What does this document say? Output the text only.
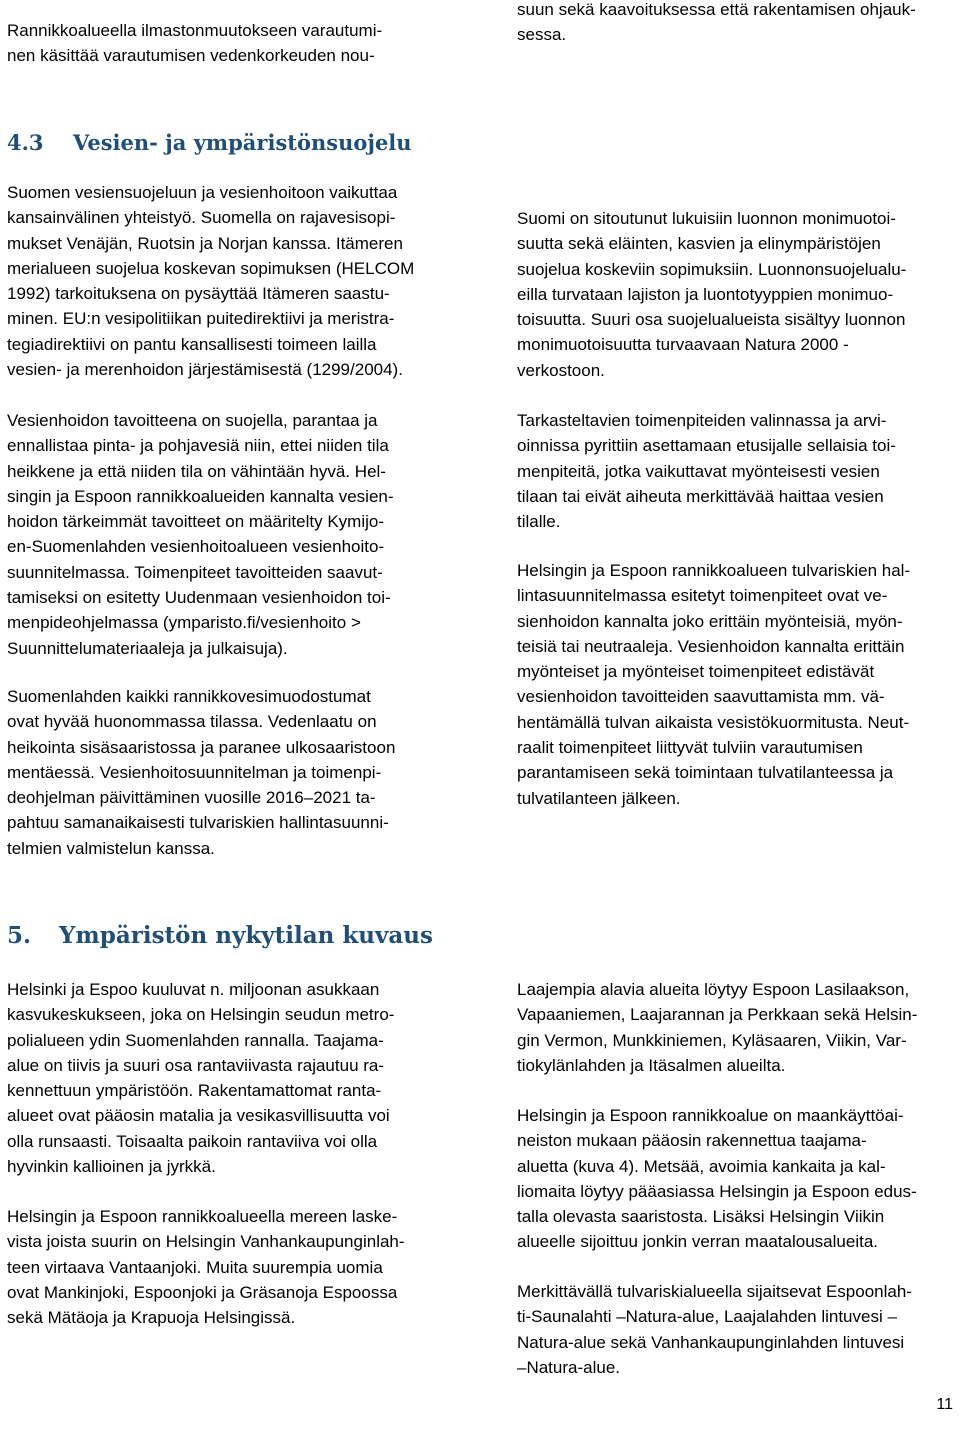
Rannikkoalueella ilmastonmuutokseen varautumi-
nen käsittää varautumisen vedenkorkeuden nou-
suun sekä kaavoituksessa että rakentamisen ohjauk-
sessa.
4.3 Vesien- ja ympäristönsuojelu
Suomen vesiensuojeluun ja vesienhoitoon vaikuttaa
kansainvälinen yhteistyö. Suomella on rajavesisopi-
mukset Venäjän, Ruotsin ja Norjan kanssa. Itämeren
merialueen suojelua koskevan sopimuksen (HELCOM
1992) tarkoituksena on pysäyttää Itämeren saastu-
minen. EU:n vesipolitiikan puitedirektiivi ja meristra-
tegiadirektiivi on pantu kansallisesti toimeen lailla
vesien- ja merenhoidon järjestämisestä (1299/2004).
Vesienhoidon tavoitteena on suojella, parantaa ja
ennallistaa pinta- ja pohjavesiä niin, ettei niiden tila
heikkene ja että niiden tila on vähintään hyvä. Hel-
singin ja Espoon rannikkoalueiden kannalta vesien-
hoidon tärkeimmät tavoitteet on määritelty Kymijo-
en-Suomenlahden vesienhoitoalueen vesienhoito-
suunnitelmassa. Toimenpiteet tavoitteiden saavut-
tamiseksi on esitetty Uudenmaan vesienhoidon toi-
menpideohjelmassa (ymparisto.fi/vesienhoito >
Suunnittelumateriaaleja ja julkaisuja).
Suomenlahden kaikki rannikkovesimuodostumat
ovat hyvää huonommassa tilassa. Vedenlaatu on
heikointa sisäsaaristossa ja paranee ulkosaaristoon
mentäessä. Vesienhoitosuunnitelman ja toimenpi-
deohjelman päivittäminen vuosille 2016–2021 ta-
pahtuu samanaikaisesti tulvariskien hallintasuunni-
telmien valmistelun kanssa.
Suomi on sitoutunut lukuisiin luonnon monimuotoi-
suutta sekä eläinten, kasvien ja elinympäristöjen
suojelua koskeviin sopimuksiin. Luonnonsuojelualu-
eilla turvataan lajiston ja luontotyyppien monimuo-
toisuutta. Suuri osa suojelualueista sisältyy luonnon
monimuotoisuutta turvaavaan Natura 2000 -
verkostoon.
Tarkasteltavien toimenpiteiden valinnassa ja arvi-
oinnissa pyrittiin asettamaan etusijalle sellaisia toi-
menpiteitä, jotka vaikuttavat myönteisesti vesien
tilaan tai eivät aiheuta merkittävää haittaa vesien
tilalle.
Helsingin ja Espoon rannikkoalueen tulvariskien hal-
lintasuunnitelmassa esitetyt toimenpiteet ovat ve-
sienhoidon kannalta joko erittäin myönteisiä, myön-
teisiä tai neutraaleja. Vesienhoidon kannalta erittäin
myönteiset ja myönteiset toimenpiteet edistävät
vesienhoidon tavoitteiden saavuttamista mm. vä-
hentämällä tulvan aikaista vesistökuormitusta. Neut-
raalit toimenpiteet liittyvät tulviin varautumisen
parantamiseen sekä toimintaan tulvatilanteessa ja
tulvatilanteen jälkeen.
5. Ympäristön nykytilan kuvaus
Helsinki ja Espoo kuuluvat n. miljoonan asukkaan
kasvukeskukseen, joka on Helsingin seudun metro-
polialueen ydin Suomenlahden rannalla. Taajama-
alue on tiivis ja suuri osa rantaviivasta rajautuu ra-
kennettuun ympäristöön. Rakentamattomat ranta-
alueet ovat pääosin matalia ja vesikasvillisuutta voi
olla runsaasti. Toisaalta paikoin rantaviiva voi olla
hyvinkin kallioinen ja jyrkkä.
Helsingin ja Espoon rannikkoalueella mereen laske-
vista joista suurin on Helsingin Vanhankaupunginlah-
teen virtaava Vantaanjoki. Muita suurempia uomia
ovat Mankinjoki, Espoonjoki ja Gräsanoja Espoossa
sekä Mätäoja ja Krapuoja Helsingissä.
Laajempia alavia alueita löytyy Espoon Lasilaakson,
Vapaaniemen, Laajarannan ja Perkkaan sekä Helsin-
gin Vermon, Munkkiniemen, Kyläsaaren, Viikin, Var-
tiokylänlahden ja Itäsalmen alueilta.
Helsingin ja Espoon rannikkoalue on maankäyttöai-
neiston mukaan pääosin rakennettua taajama-
aluetta (kuva 4). Metsää, avoimia kankaita ja kal-
liomaita löytyy pääasiassa Helsingin ja Espoon edus-
talla olevasta saaristosta. Lisäksi Helsingin Viikin
alueelle sijoittuu jonkin verran maatalousalueita.
Merkittävällä tulvariskialueella sijaitsevat Espoonlah-
ti-Saunalahti –Natura-alue, Laajalahden lintuvesi –
Natura-alue sekä Vanhankaupunginlahden lintuvesi
–Natura-alue.
11
